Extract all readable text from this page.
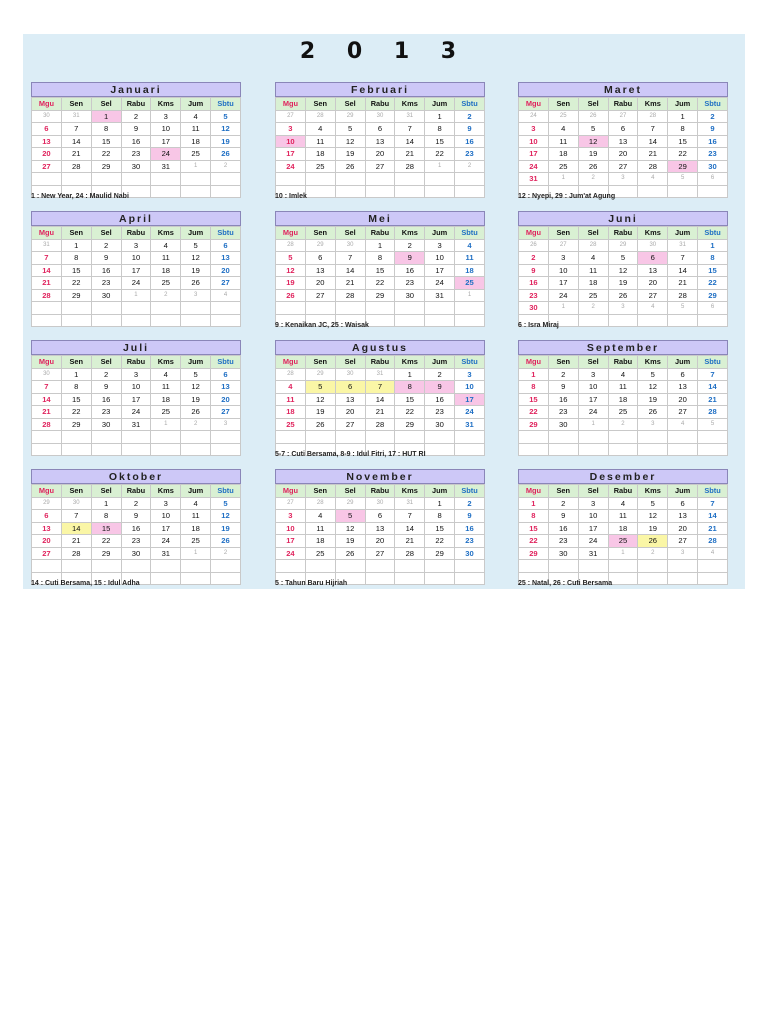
2 0 1 3
Januari
Mgu	Sen	Sel	Rabu	Kms	Jum	Sbtu
30	31	1	2	3	4	5
6	7	8	9	10	11	12
13	14	15	16	17	18	19
20	21	22	23	24	25	26
27	28	29	30	31	1	2

1 : New Year, 24 : Maulid Nabi
Februari
Mgu	Sen	Sel	Rabu	Kms	Jum	Sbtu
27	28	29	30	31	1	2
3	4	5	6	7	8	9
10	11	12	13	14	15	16
17	18	19	20	21	22	23
24	25	26	27	28	1	2

10 : Imlek
Maret
Mgu	Sen	Sel	Rabu	Kms	Jum	Sbtu
24	25	26	27	28	1	2
3	4	5	6	7	8	9
10	11	12	13	14	15	16
17	18	19	20	21	22	23
24	25	26	27	28	29	30
31	1	2	3	4	5	6

12 : Nyepi, 29 : Jum'at Agung
April
Mgu	Sen	Sel	Rabu	Kms	Jum	Sbtu
31	1	2	3	4	5	6
7	8	9	10	11	12	13
14	15	16	17	18	19	20
21	22	23	24	25	26	27
28	29	30	1	2	3	4

Mei
Mgu	Sen	Sel	Rabu	Kms	Jum	Sbtu
28	29	30	1	2	3	4
5	6	7	8	9	10	11
12	13	14	15	16	17	18
19	20	21	22	23	24	25
26	27	28	29	30	31	1

9 : Kenaikan JC, 25 : Waisak
Juni
Mgu	Sen	Sel	Rabu	Kms	Jum	Sbtu
26	27	28	29	30	31	1
2	3	4	5	6	7	8
9	10	11	12	13	14	15
16	17	18	19	20	21	22
23	24	25	26	27	28	29
30	1	2	3	4	5	6

6 : Isra Miraj
Juli
Mgu	Sen	Sel	Rabu	Kms	Jum	Sbtu
30	1	2	3	4	5	6
7	8	9	10	11	12	13
14	15	16	17	18	19	20
21	22	23	24	25	26	27
28	29	30	31	1	2	3

Agustus
Mgu	Sen	Sel	Rabu	Kms	Jum	Sbtu
28	29	30	31	1	2	3
4	5	6	7	8	9	10
11	12	13	14	15	16	17
18	19	20	21	22	23	24
25	26	27	28	29	30	31

5-7 : Cuti Bersama, 8-9 : Idul Fitri, 17 : HUT RI
September
Mgu	Sen	Sel	Rabu	Kms	Jum	Sbtu
1	2	3	4	5	6	7
8	9	10	11	12	13	14
15	16	17	18	19	20	21
22	23	24	25	26	27	28
29	30	1	2	3	4	5

Oktober
Mgu	Sen	Sel	Rabu	Kms	Jum	Sbtu
29	30	1	2	3	4	5
6	7	8	9	10	11	12
13	14	15	16	17	18	19
20	21	22	23	24	25	26
27	28	29	30	31	1	2

14 : Cuti Bersama, 15 : Idul Adha
November
Mgu	Sen	Sel	Rabu	Kms	Jum	Sbtu
27	28	29	30	31	1	2
3	4	5	6	7	8	9
10	11	12	13	14	15	16
17	18	19	20	21	22	23
24	25	26	27	28	29	30

5 : Tahun Baru Hijriah
Desember
Mgu	Sen	Sel	Rabu	Kms	Jum	Sbtu
1	2	3	4	5	6	7
8	9	10	11	12	13	14
15	16	17	18	19	20	21
22	23	24	25	26	27	28
29	30	31	1	2	3	4

25 : Natal, 26 : Cuti Bersama
